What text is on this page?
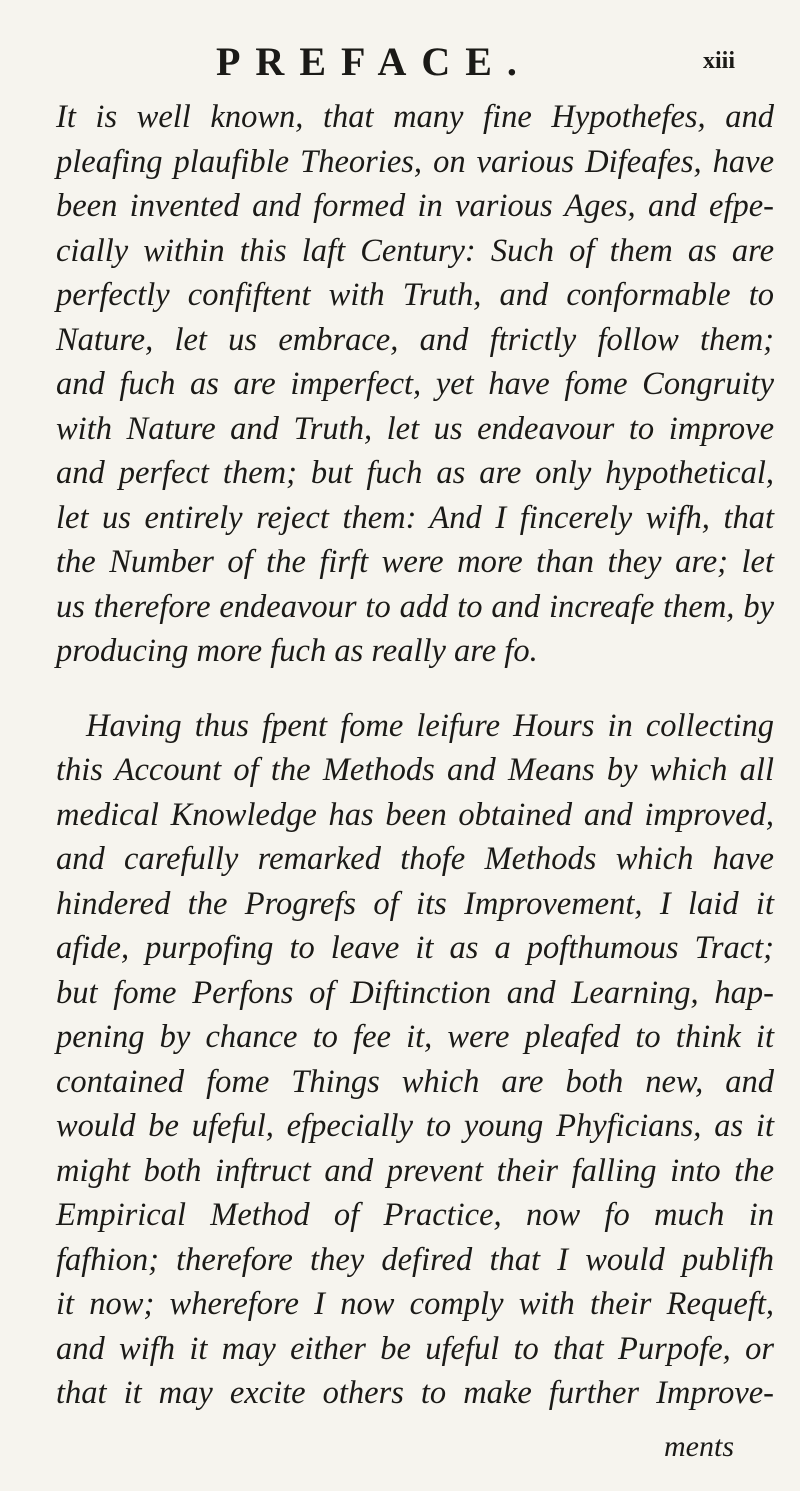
PREFACE.	xiii
It is well known, that many fine Hypothefes, and
pleafing plaufible Theories, on various Difeafes, have
been invented and formed in various Ages, and efpe-
cially within this laft Century: Such of them as are
perfectly confiftent with Truth, and conformable to
Nature, let us embrace, and ftrictly follow them;
and fuch as are imperfect, yet have fome Congruity
with Nature and Truth, let us endeavour to improve
and perfect them; but fuch as are only hypothetical,
let us entirely reject them: And I fincerely wifh, that
the Number of the firft were more than they are; let
us therefore endeavour to add to and increafe them, by
producing more fuch as really are fo.
Having thus fpent fome leifure Hours in collecting
this Account of the Methods and Means by which all
medical Knowledge has been obtained and improved,
and carefully remarked thofe Methods which have
hindered the Progrefs of its Improvement, I laid it
afide, purpofing to leave it as a pofthumous Tract;
but fome Perfons of Diftinction and Learning, hap-
pening by chance to fee it, were pleafed to think it
contained fome Things which are both new, and
would be ufeful, efpecially to young Phyficians, as it
might both inftruct and prevent their falling into the
Empirical Method of Practice, now fo much in
fafhion; therefore they defired that I would publifh
it now; wherefore I now comply with their Requeft,
and wifh it may either be ufeful to that Purpofe, or
that it may excite others to make further Improve-
ments
